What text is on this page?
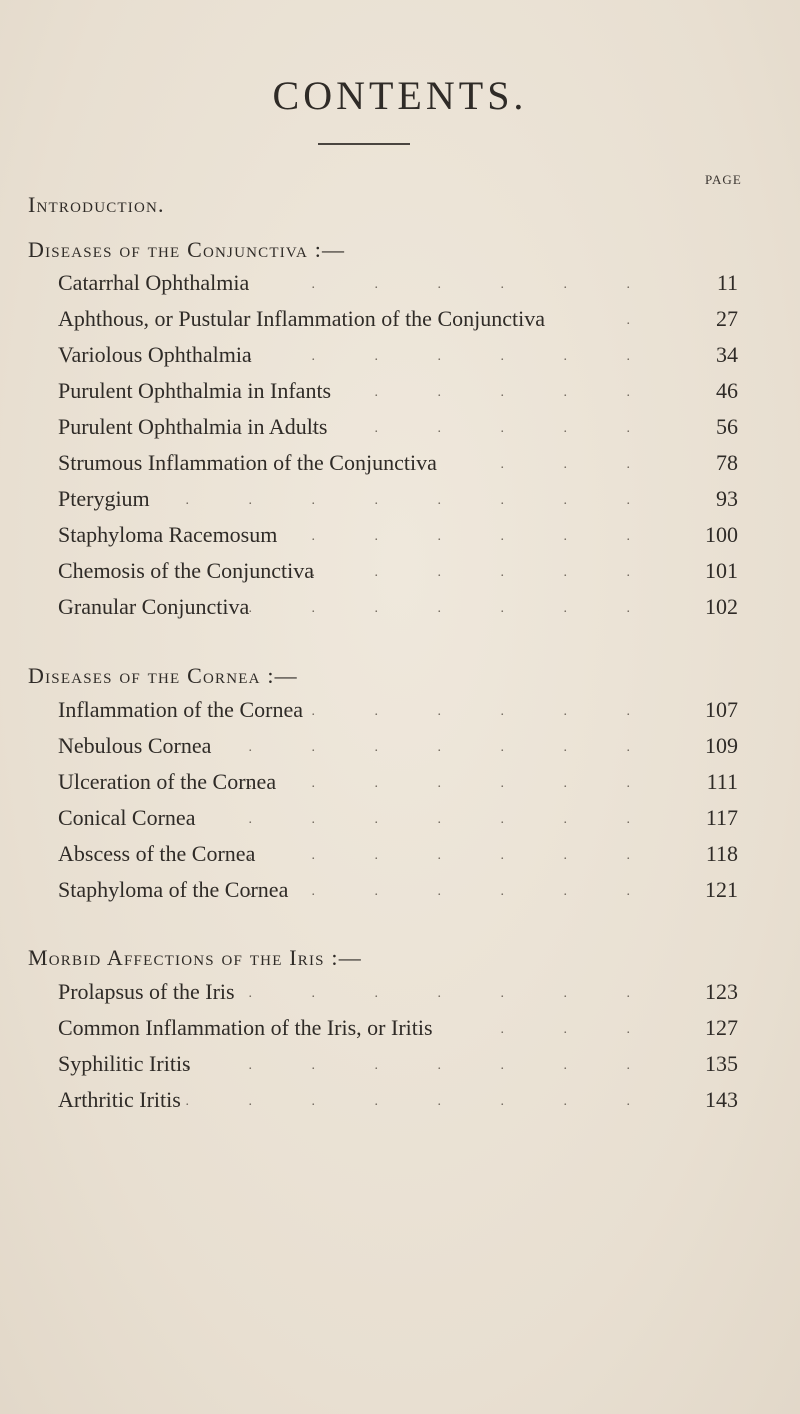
CONTENTS.
PAGE
Introduction.
Diseases of the Conjunctiva :—
. . . . . .
Catarrhal Ophthalmia	11
.
Aphthous, or Pustular Inflammation of the Conjunctiva	27
. . . . . . .
Variolous Ophthalmia	34
. . . . .
Purulent Ophthalmia in Infants	46
. . . . . .
Purulent Ophthalmia in Adults	56
. . .
Strumous Inflammation of the Conjunctiva	78
. . . . . . . .
Pterygium	93
. . . . . .
Staphyloma Racemosum	100
. . . . . .
Chemosis of the Conjunctiva	101
. . . . . . .
Granular Conjunctiva	102
Diseases of the Cornea :—
. . . . . .
Inflammation of the Cornea	107
. . . . . . .
Nebulous Cornea	109
. . . . . . .
Ulceration of the Cornea	111
. . . . . . . .
Conical Cornea	117
. . . . . . .
Abscess of the Cornea	118
. . . . . . .
Staphyloma of the Cornea	121
Morbid Affections of the Iris :—
. . . . . . .
Prolapsus of the Iris	123
. . .
Common Inflammation of the Iris, or Iritis	127
. . . . . . . .
Syphilitic Iritis	135
. . . . . . . .
Arthritic Iritis	143
